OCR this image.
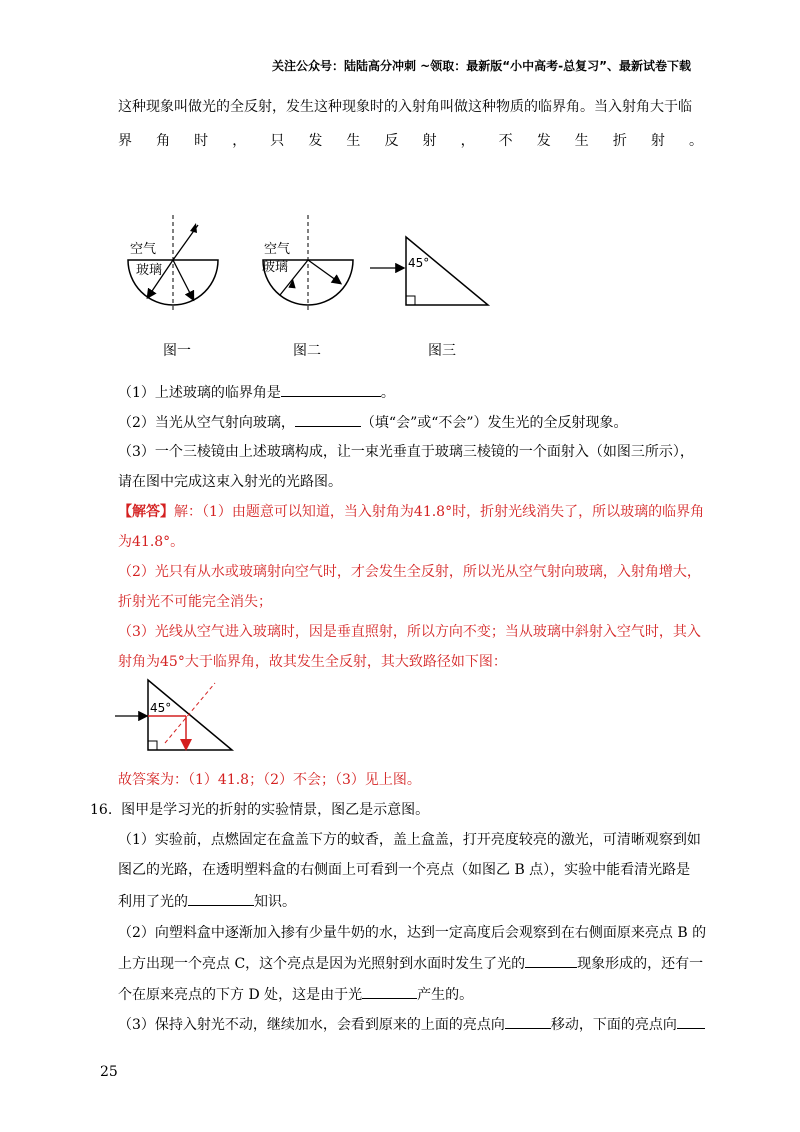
关注公众号：陆陆高分冲刺 ~领取：最新版“小中高考-总复习”、最新试卷下载
这种现象叫做光的全反射，发生这种现象时的入射角叫做这种物质的临界角。当入射角大于临
界 角 时 ， 只 发 生 反 射 ， 不 发 生 折 射 。
空气
玻璃
空气
玻璃	45°
图一	图二	图三
（1）上述玻璃的临界角是	。
（2）当光从空气射向玻璃，	（填“会”或“不会”）发生光的全反射现象。
（3）一个三棱镜由上述玻璃构成，让一束光垂直于玻璃三棱镜的一个面射入（如图三所示），
请在图中完成这束入射光的光路图。
【解答】解：（1）由题意可以知道，当入射角为41.8°时，折射光线消失了，所以玻璃的临界角
为41.8°。
（2）光只有从水或玻璃射向空气时，才会发生全反射，所以光从空气射向玻璃，入射角增大，
折射光不可能完全消失；
（3）光线从空气进入玻璃时，因是垂直照射，所以方向不变；当从玻璃中斜射入空气时，其入
射角为45°大于临界角，故其发生全反射，其大致路径如下图：
45°
故答案为：（1）41.8；（2）不会；（3）见上图。
16. 图甲是学习光的折射的实验情景，图乙是示意图。
（1）实验前，点燃固定在盒盖下方的蚊香，盖上盒盖，打开亮度较亮的激光，可清晰观察到如
图乙的光路，在透明塑料盒的右侧面上可看到一个亮点（如图乙 B 点），实验中能看清光路是
利用了光的	知识。
（2）向塑料盒中逐渐加入掺有少量牛奶的水，达到一定高度后会观察到在右侧面原来亮点 B 的
上方出现一个亮点 C，这个亮点是因为光照射到水面时发生了光的	现象形成的，还有一
个在原来亮点的下方 D 处，这是由于光	产生的。
（3）保持入射光不动，继续加水，会看到原来的上面的亮点向	移动，下面的亮点向
25
